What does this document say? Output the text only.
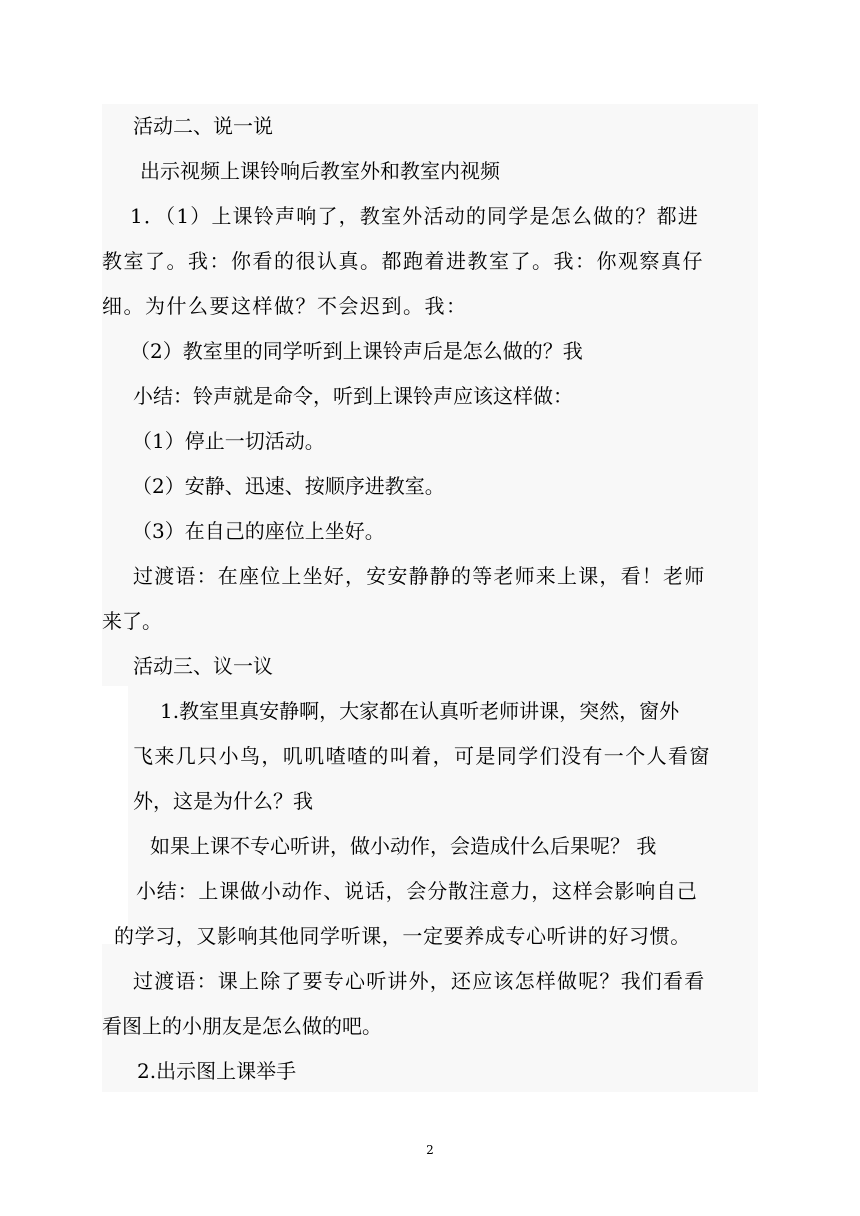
活动二、说一说
出示视频上课铃响后教室外和教室内视频
1．（1）上课铃声响了，教室外活动的同学是怎么做的？都进
教室了。我：你看的很认真。都跑着进教室了。我：你观察真仔
细。为什么要这样做？不会迟到。我：
（2）教室里的同学听到上课铃声后是怎么做的？我
小结：铃声就是命令，听到上课铃声应该这样做：
（1）停止一切活动。
（2）安静、迅速、按顺序进教室。
（3）在自己的座位上坐好。
过渡语：在座位上坐好，安安静静的等老师来上课，看！老师
来了。
活动三、议一议
1.教室里真安静啊，大家都在认真听老师讲课，突然，窗外
飞来几只小鸟，叽叽喳喳的叫着，可是同学们没有一个人看窗
外，这是为什么？我
如果上课不专心听讲，做小动作，会造成什么后果呢？ 我
小结：上课做小动作、说话，会分散注意力，这样会影响自己
的学习，又影响其他同学听课，一定要养成专心听讲的好习惯。
过渡语：课上除了要专心听讲外，还应该怎样做呢？我们看看
看图上的小朋友是怎么做的吧。
2.出示图上课举手
2
